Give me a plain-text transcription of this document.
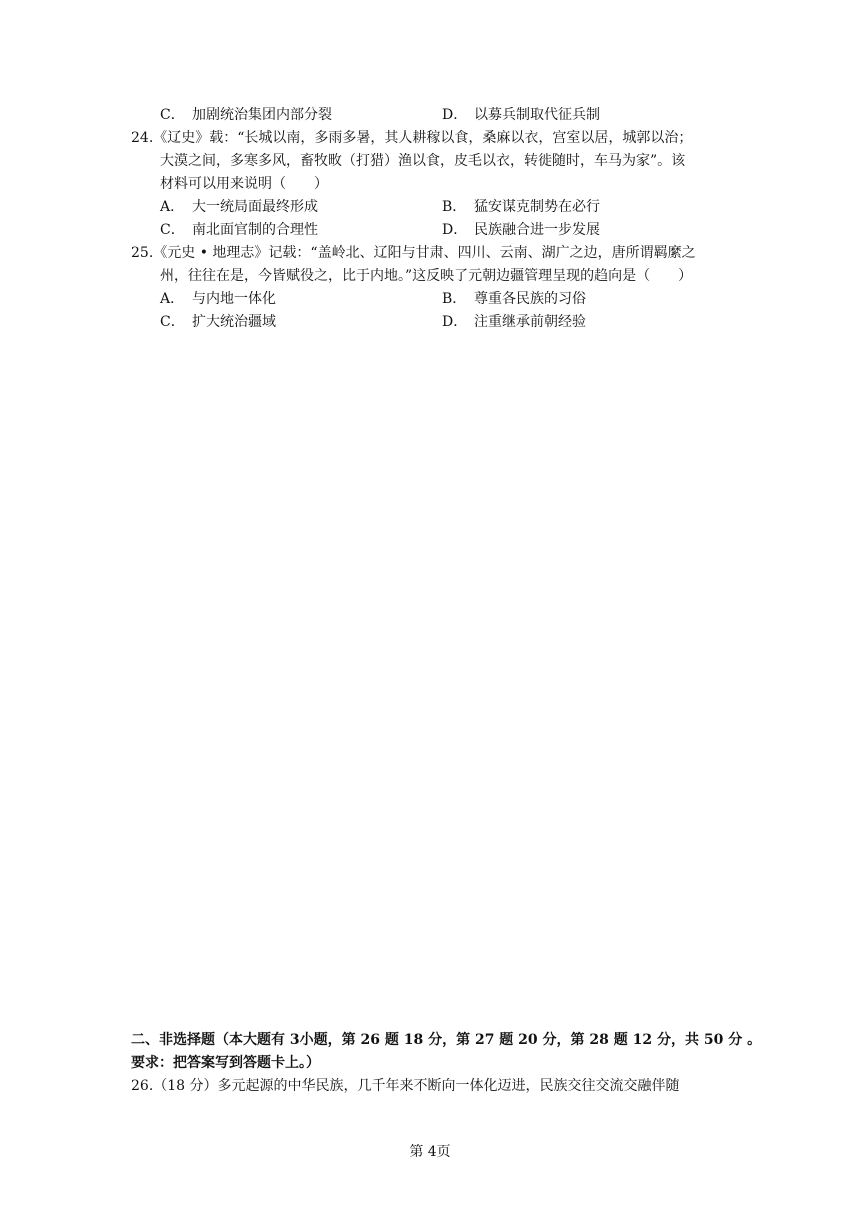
C． 加剧统治集团内部分裂	D． 以募兵制取代征兵制
24.《辽史》载：“长城以南，多雨多暑，其人耕稼以食，桑麻以衣，宫室以居，城郭以治；
大漠之间，多寒多风，畜牧畋（打猎）渔以食，皮毛以衣，转徙随时，车马为家”。该
材料可以用来说明（　　）
A． 大一统局面最终形成	B． 猛安谋克制势在必行
C． 南北面官制的合理性	D． 民族融合进一步发展
25.《元史 • 地理志》记载：“盖岭北、辽阳与甘肃、四川、云南、湖广之边，唐所谓羁縻之
州，往往在是，今皆赋役之，比于内地。”这反映了元朝边疆管理呈现的趋向是（　　）
A． 与内地一体化	B． 尊重各民族的习俗
C． 扩大统治疆域	D． 注重继承前朝经验
二、非选择题（本大题有 3小题，第 26 题 18 分，第 27 题 20 分，第 28 题 12 分，共 50 分 。
要求：把答案写到答题卡上。）
26.（18 分）多元起源的中华民族，几千年来不断向一体化迈进，民族交往交流交融伴随
第 4页
